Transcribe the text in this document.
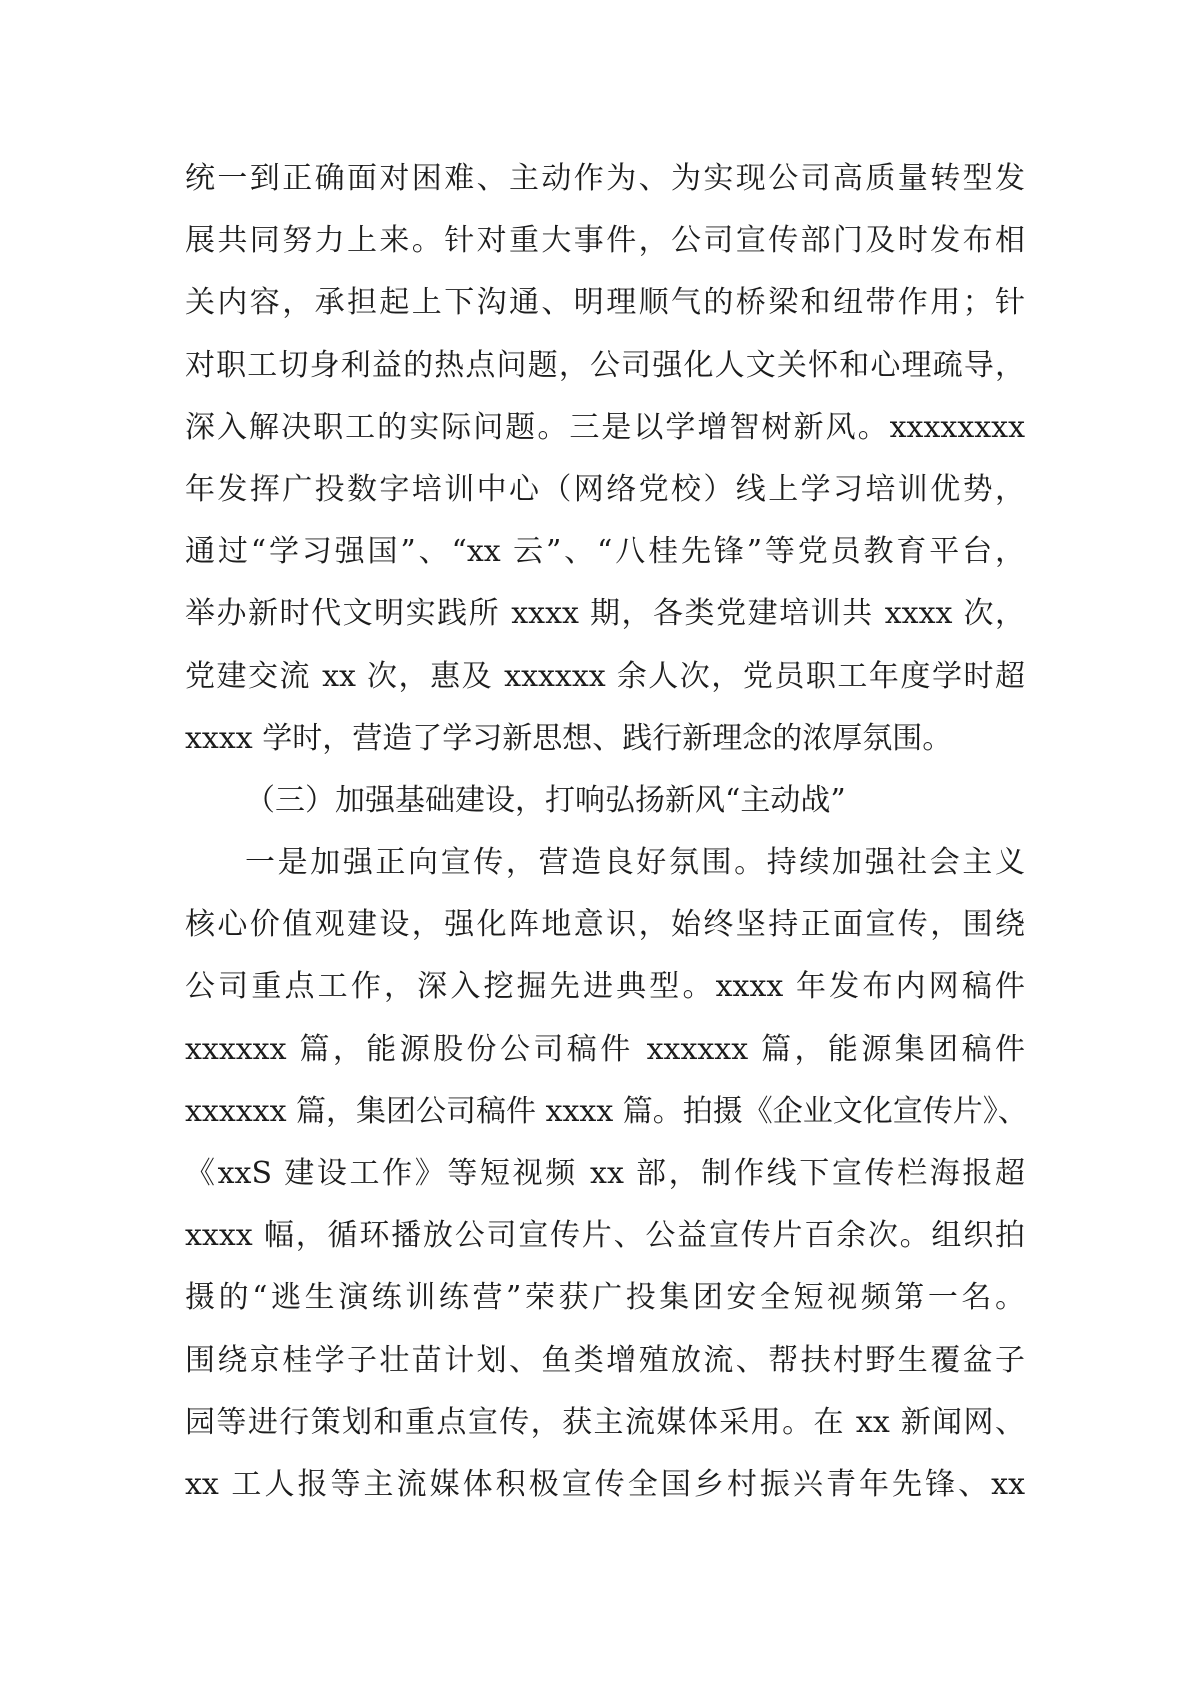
统一到正确面对困难、主动作为、为实现公司高质量转型发
展共同努力上来。针对重大事件，公司宣传部门及时发布相
关内容，承担起上下沟通、明理顺气的桥梁和纽带作用；针
对职工切身利益的热点问题，公司强化人文关怀和心理疏导，
深入解决职工的实际问题。三是以学增智树新风。xxxxxxxx
年发挥广投数字培训中心（网络党校）线上学习培训优势，
通过“学习强国”、“xx 云”、“八桂先锋”等党员教育平台，
举办新时代文明实践所 xxxx 期，各类党建培训共 xxxx 次，
党建交流 xx 次，惠及 xxxxxx 余人次，党员职工年度学时超
xxxx 学时，营造了学习新思想、践行新理念的浓厚氛围。
（三）加强基础建设，打响弘扬新风“主动战”
一是加强正向宣传，营造良好氛围。持续加强社会主义
核心价值观建设，强化阵地意识，始终坚持正面宣传，围绕
公司重点工作，深入挖掘先进典型。xxxx 年发布内网稿件
xxxxxx 篇，能源股份公司稿件 xxxxxx 篇，能源集团稿件
xxxxxx 篇，集团公司稿件 xxxx 篇。拍摄《企业文化宣传片》、
《xxS 建设工作》等短视频 xx 部，制作线下宣传栏海报超
xxxx 幅，循环播放公司宣传片、公益宣传片百余次。组织拍
摄的“逃生演练训练营”荣获广投集团安全短视频第一名。
围绕京桂学子壮苗计划、鱼类增殖放流、帮扶村野生覆盆子
园等进行策划和重点宣传，获主流媒体采用。在 xx 新闻网、
xx 工人报等主流媒体积极宣传全国乡村振兴青年先锋、xx
